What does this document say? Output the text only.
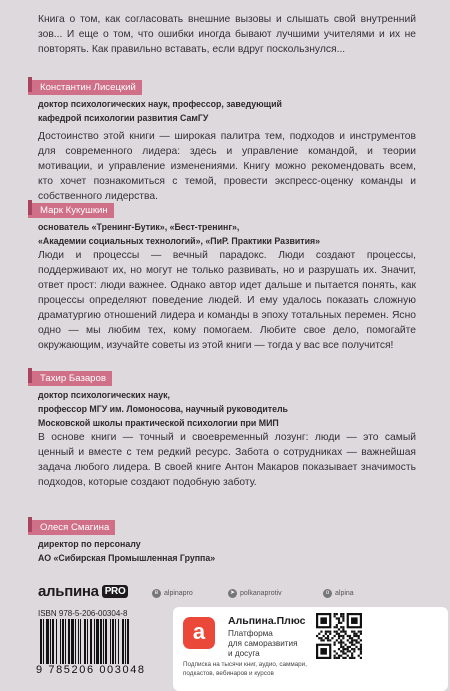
Книга о том, как согласовать внешние вызовы и слышать свой внутренний зов... И еще о том, что ошибки иногда бывают лучшими учителями и их не повторять. Как правильно вставать, если вдруг поскользнулся...

Константин Лисецкий
доктор психологических наук, профессор, заведующий
кафедрой психологии развития СамГУ

Достоинство этой книги — широкая палитра тем, подходов и инструментов для современного лидера: здесь и управление командой, и теории мотивации, и управление изменениями. Книгу можно рекомендовать всем, кто хочет познакомиться с темой, провести экспресс-оценку команды и собственного лидерства.

Марк Кукушкин
основатель «Тренинг-Бутик», «Бест-тренинг»,
«Академии социальных технологий», «ПиР. Практики Развития»

Люди и процессы — вечный парадокс. Люди создают процессы, поддерживают их, но могут не только развивать, но и разрушать их. Значит, ответ прост: люди важнее. Однако автор идет дальше и пытается понять, как процессы определяют поведение людей. И ему удалось показать сложную драматургию отношений лидера и команды в эпоху тотальных перемен. Ясно одно — мы любим тех, кому помогаем. Любите свое дело, помогайте окружающим, изучайте советы из этой книги — тогда у вас все получится!

Тахир Базаров
доктор психологических наук,
профессор МГУ им. Ломоносова, научный руководитель
Московской школы практической психологии при МИП

В основе книги — точный и своевременный лозунг: люди — это самый ценный и вместе с тем редкий ресурс. Забота о сотрудниках — важнейшая задача любого лидера. В своей книге Антон Макаров показывает значимость подходов, которые создают подобную заботу.

Олеся Смагина
директор по персоналу
АО «Сибирская Промышленная Группа»
альпина PRO	в alpinapro	➤ polkanaprotiv	о alpina
ISBN 978-5-206-00304-8
9 785206 003048
a	Альпина.Плюс
Платформа
для саморазвития
и досуга
Подписка на тысячи книг, аудио, саммари,
подкастов, вебинаров и курсов
